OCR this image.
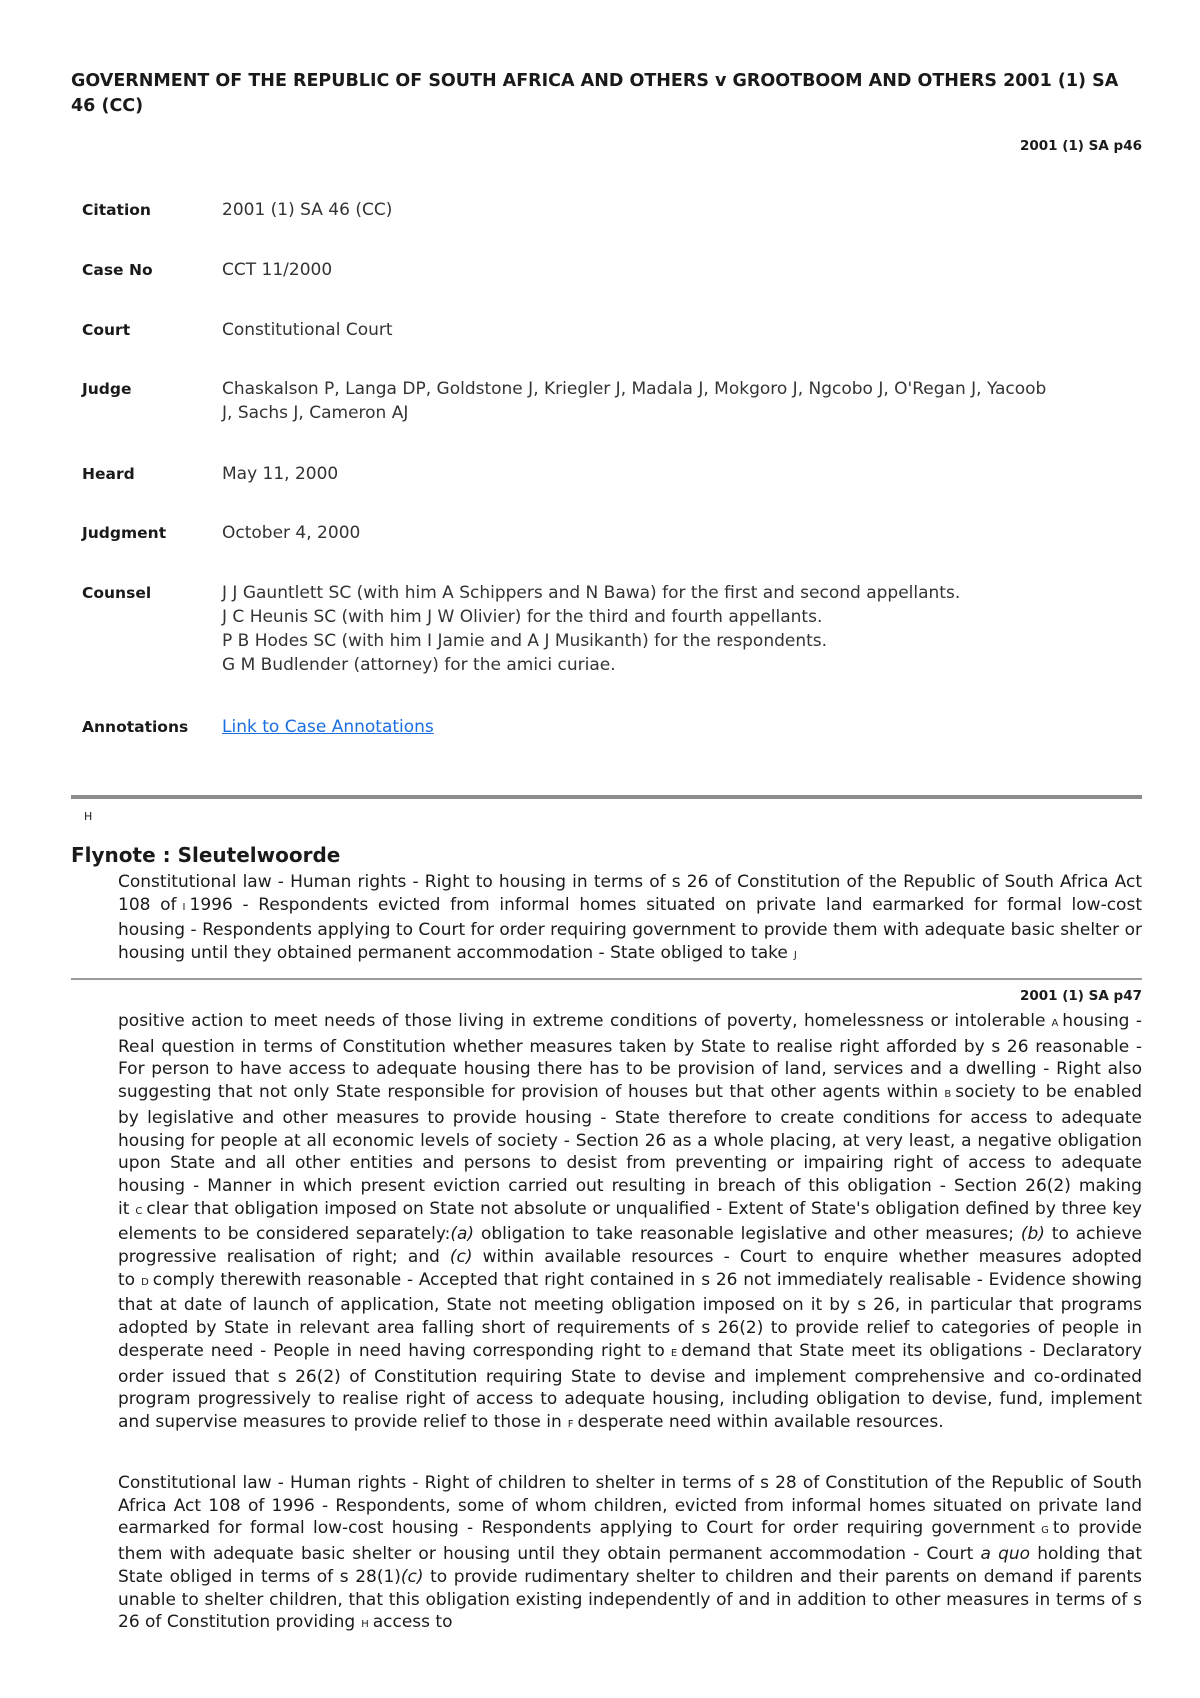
GOVERNMENT OF THE REPUBLIC OF SOUTH AFRICA AND OTHERS v GROOTBOOM AND OTHERS 2001 (1) SA 46 (CC)
2001 (1) SA p46
Citation	2001 (1) SA 46 (CC)
Case No	CCT 11/2000
Court	Constitutional Court
Judge	Chaskalson P, Langa DP, Goldstone J, Kriegler J, Madala J, Mokgoro J, Ngcobo J, O'Regan J, Yacoob J, Sachs J, Cameron AJ
Heard	May 11, 2000
Judgment	October 4, 2000
Counsel	J J Gauntlett SC (with him A Schippers and N Bawa) for the first and second appellants.
J C Heunis SC (with him J W Olivier) for the third and fourth appellants.
P B Hodes SC (with him I Jamie and A J Musikanth) for the respondents.
G M Budlender (attorney) for the amici curiae.
Annotations Link to Case Annotations
H
Flynote : Sleutelwoorde

Constitutional law - Human rights - Right to housing in terms of s 26 of Constitution of the Republic of South Africa Act 108 of I 1996 - Respondents evicted from informal homes situated on private land earmarked for formal low-cost housing - Respondents applying to Court for order requiring government to provide them with adequate basic shelter or housing until they obtained permanent accommodation - State obliged to take J

2001 (1) SA p47

positive action to meet needs of those living in extreme conditions of poverty, homelessness or intolerable A housing - Real question in terms of Constitution whether measures taken by State to realise right afforded by s 26 reasonable - For person to have access to adequate housing there has to be provision of land, services and a dwelling - Right also suggesting that not only State responsible for provision of houses but that other agents within B society to be enabled by legislative and other measures to provide housing - State therefore to create conditions for access to adequate housing for people at all economic levels of society - Section 26 as a whole placing, at very least, a negative obligation upon State and all other entities and persons to desist from preventing or impairing right of access to adequate housing - Manner in which present eviction carried out resulting in breach of this obligation - Section 26(2) making it C clear that obligation imposed on State not absolute or unqualified - Extent of State's obligation defined by three key elements to be considered separately:(a) obligation to take reasonable legislative and other measures; (b) to achieve progressive realisation of right; and (c) within available resources - Court to enquire whether measures adopted to D comply therewith reasonable - Accepted that right contained in s 26 not immediately realisable - Evidence showing that at date of launch of application, State not meeting obligation imposed on it by s 26, in particular that programs adopted by State in relevant area falling short of requirements of s 26(2) to provide relief to categories of people in desperate need - People in need having corresponding right to E demand that State meet its obligations - Declaratory order issued that s 26(2) of Constitution requiring State to devise and implement comprehensive and co-ordinated program progressively to realise right of access to adequate housing, including obligation to devise, fund, implement and supervise measures to provide relief to those in F desperate need within available resources.

Constitutional law - Human rights - Right of children to shelter in terms of s 28 of Constitution of the Republic of South Africa Act 108 of 1996 - Respondents, some of whom children, evicted from informal homes situated on private land earmarked for formal low-cost housing - Respondents applying to Court for order requiring government G to provide them with adequate basic shelter or housing until they obtain permanent accommodation - Court a quo holding that State obliged in terms of s 28(1)(c) to provide rudimentary shelter to children and their parents on demand if parents unable to shelter children, that this obligation existing independently of and in addition to other measures in terms of s 26 of Constitution providing H access to
